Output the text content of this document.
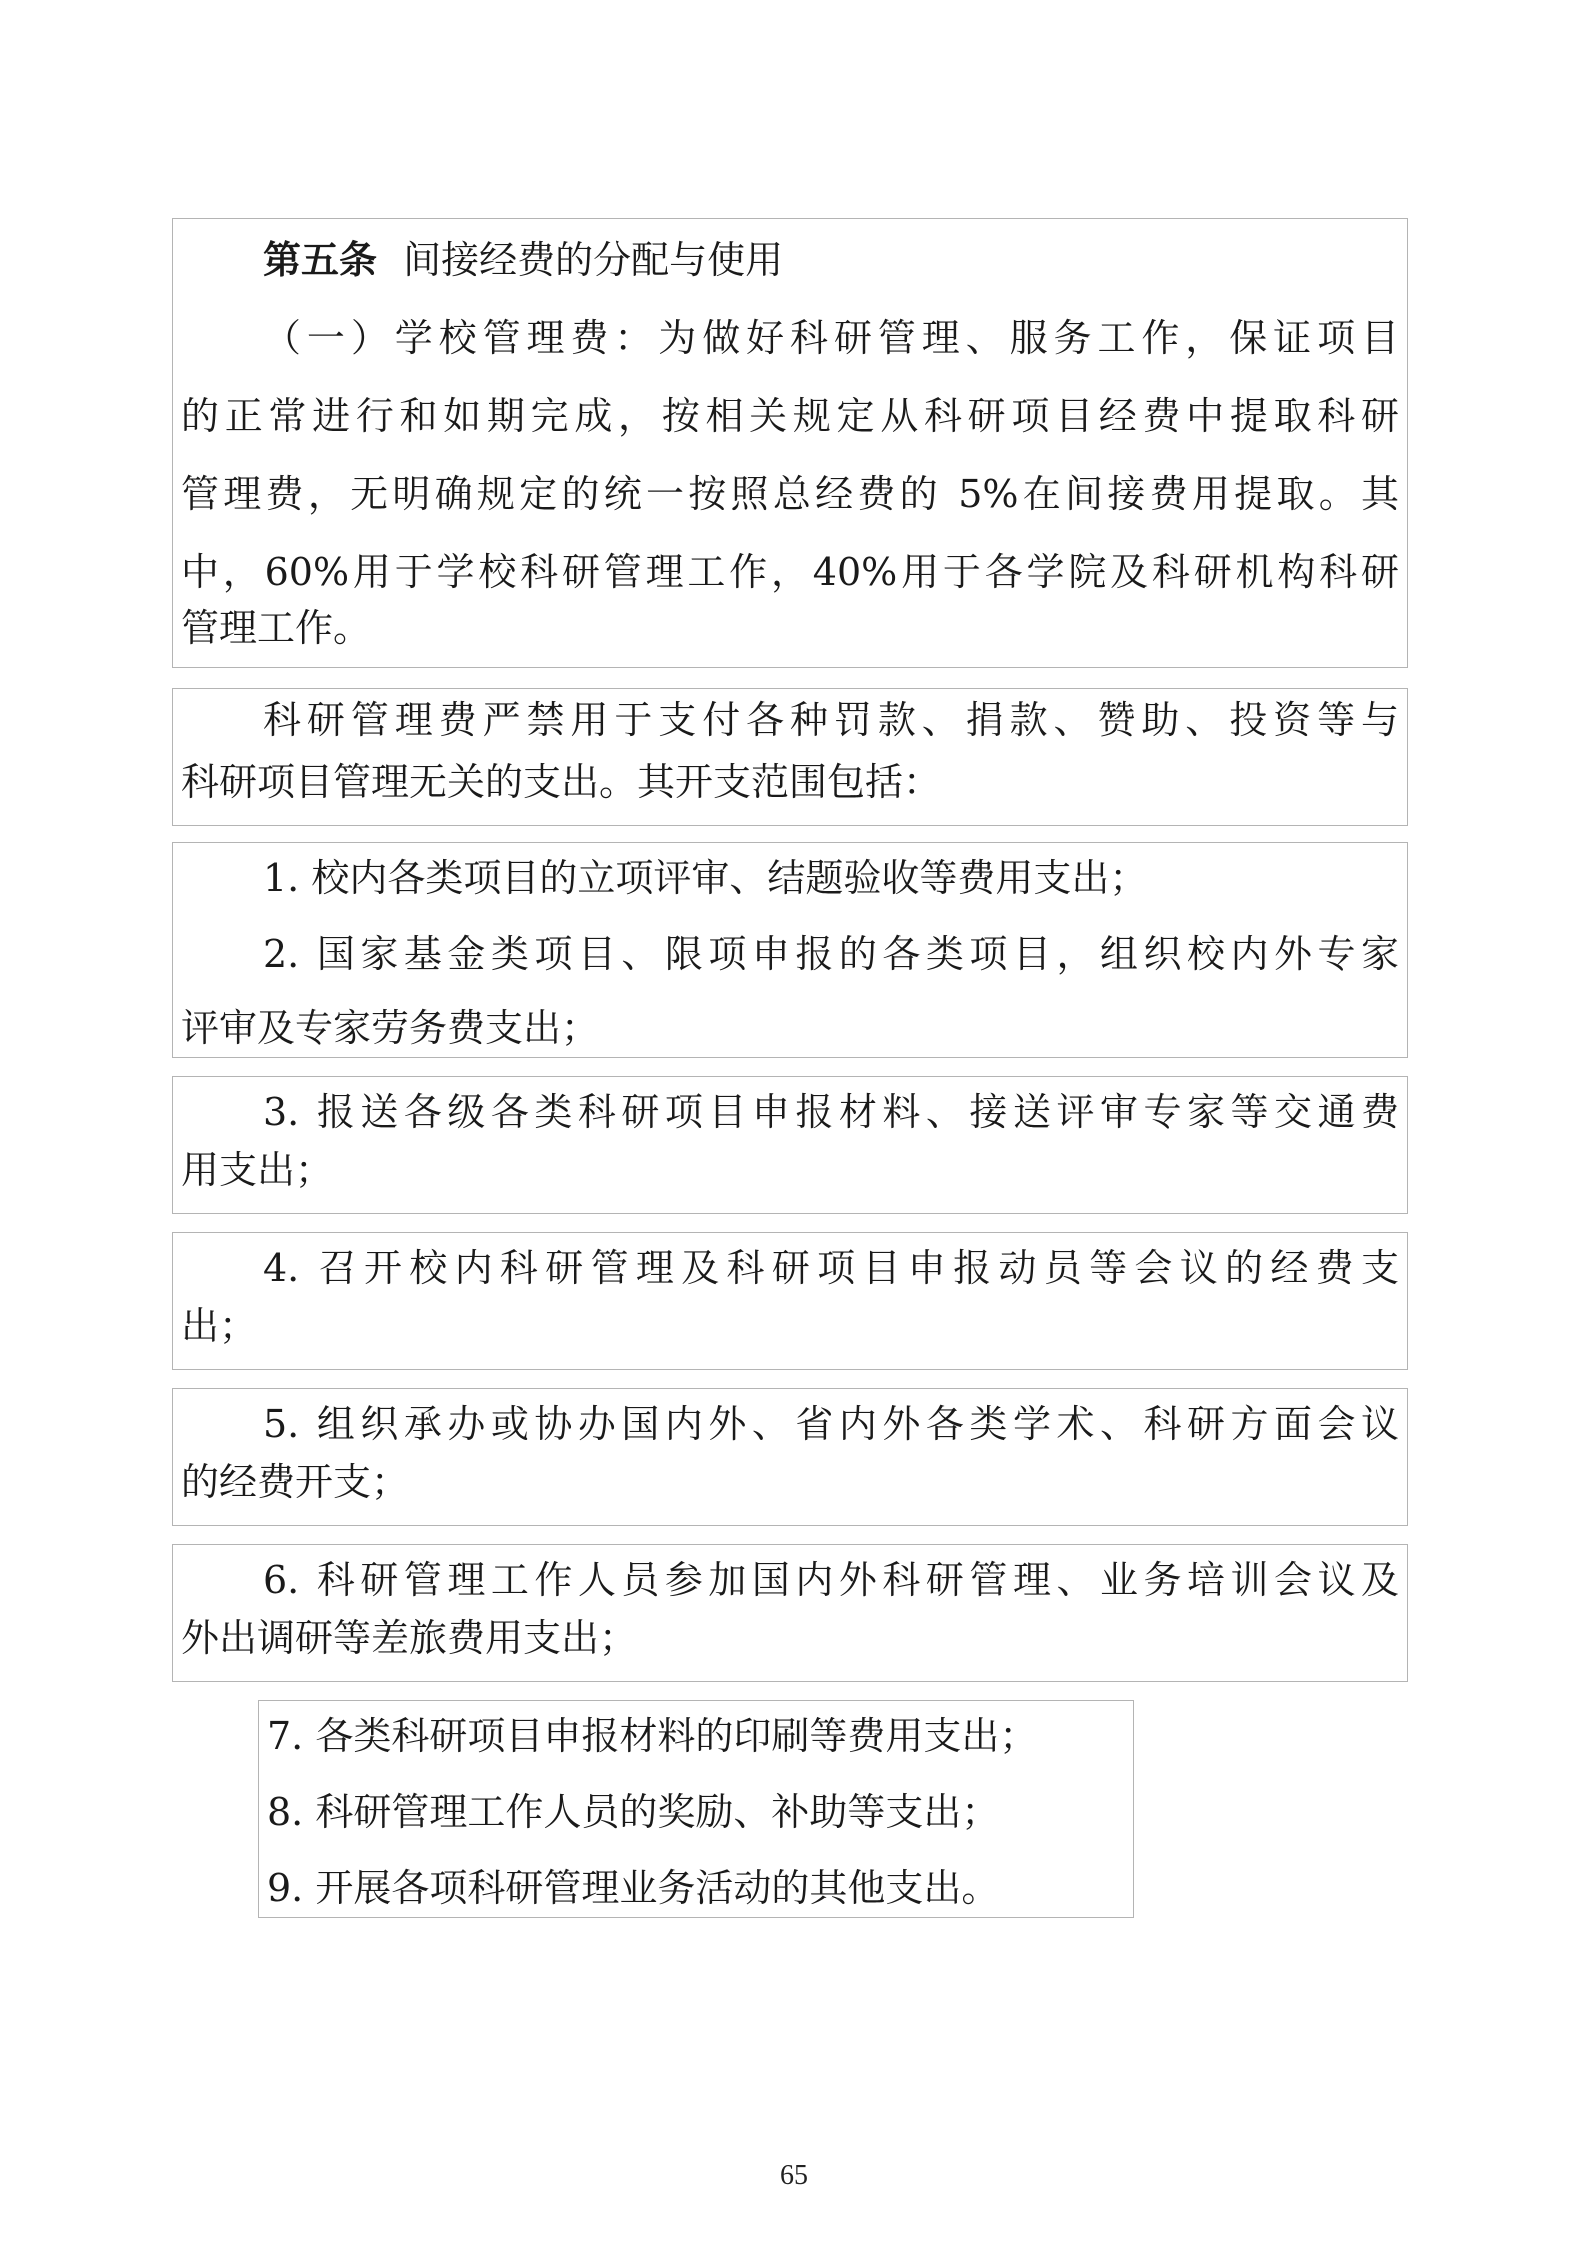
第五条 间接经费的分配与使用
（一）学校管理费：为做好科研管理、服务工作，保证项目
的正常进行和如期完成，按相关规定从科研项目经费中提取科研
管理费，无明确规定的统一按照总经费的 5%在间接费用提取。其
中，60%用于学校科研管理工作，40%用于各学院及科研机构科研
管理工作。
科研管理费严禁用于支付各种罚款、捐款、赞助、投资等与
科研项目管理无关的支出。其开支范围包括：
1. 校内各类项目的立项评审、结题验收等费用支出；
2. 国家基金类项目、限项申报的各类项目，组织校内外专家
评审及专家劳务费支出；
3. 报送各级各类科研项目申报材料、接送评审专家等交通费
用支出；
4. 召开校内科研管理及科研项目申报动员等会议的经费支
出；
5. 组织承办或协办国内外、省内外各类学术、科研方面会议
的经费开支；
6. 科研管理工作人员参加国内外科研管理、业务培训会议及
外出调研等差旅费用支出；
7. 各类科研项目申报材料的印刷等费用支出；
8. 科研管理工作人员的奖励、补助等支出；
9. 开展各项科研管理业务活动的其他支出。
65
